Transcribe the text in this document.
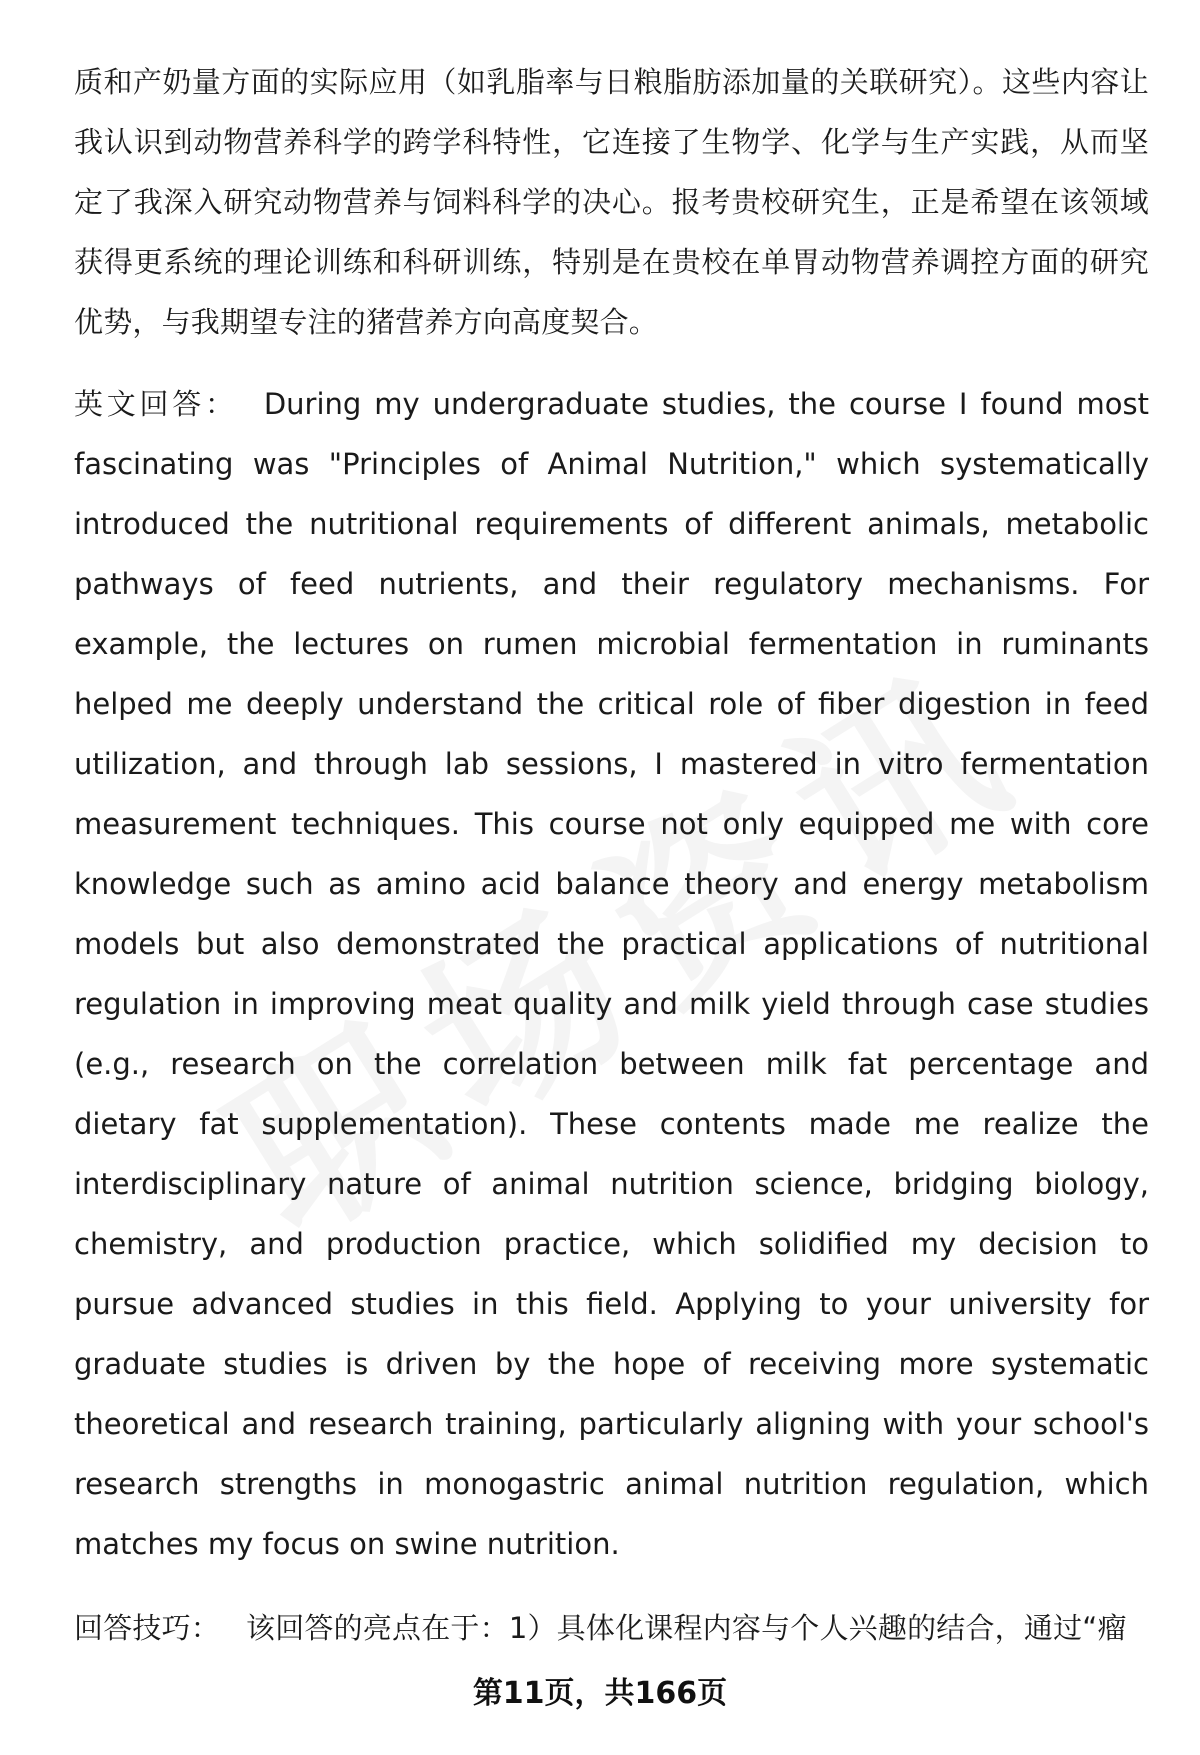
质和产奶量方面的实际应用（如乳脂率与日粮脂肪添加量的关联研究）。这些内容让我认识到动物营养科学的跨学科特性，它连接了生物学、化学与生产实践，从而坚定了我深入研究动物营养与饲料科学的决心。报考贵校研究生，正是希望在该领域获得更系统的理论训练和科研训练，特别是在贵校在单胃动物营养调控方面的研究优势，与我期望专注的猪营养方向高度契合。

英文回答： During my undergraduate studies, the course I found most fascinating was "Principles of Animal Nutrition," which systematically introduced the nutritional requirements of different animals, metabolic pathways of feed nutrients, and their regulatory mechanisms. For example, the lectures on rumen microbial fermentation in ruminants helped me deeply understand the critical role of fiber digestion in feed utilization, and through lab sessions, I mastered in vitro fermentation measurement techniques. This course not only equipped me with core knowledge such as amino acid balance theory and energy metabolism models but also demonstrated the practical applications of nutritional regulation in improving meat quality and milk yield through case studies (e.g., research on the correlation between milk fat percentage and dietary fat supplementation). These contents made me realize the interdisciplinary nature of animal nutrition science, bridging biology, chemistry, and production practice, which solidified my decision to pursue advanced studies in this field. Applying to your university for graduate studies is driven by the hope of receiving more systematic theoretical and research training, particularly aligning with your school's research strengths in monogastric animal nutrition regulation, which matches my focus on swine nutrition.

回答技巧： 该回答的亮点在于：1）具体化课程内容与个人兴趣的结合，通过“瘤

第11页，共166页
